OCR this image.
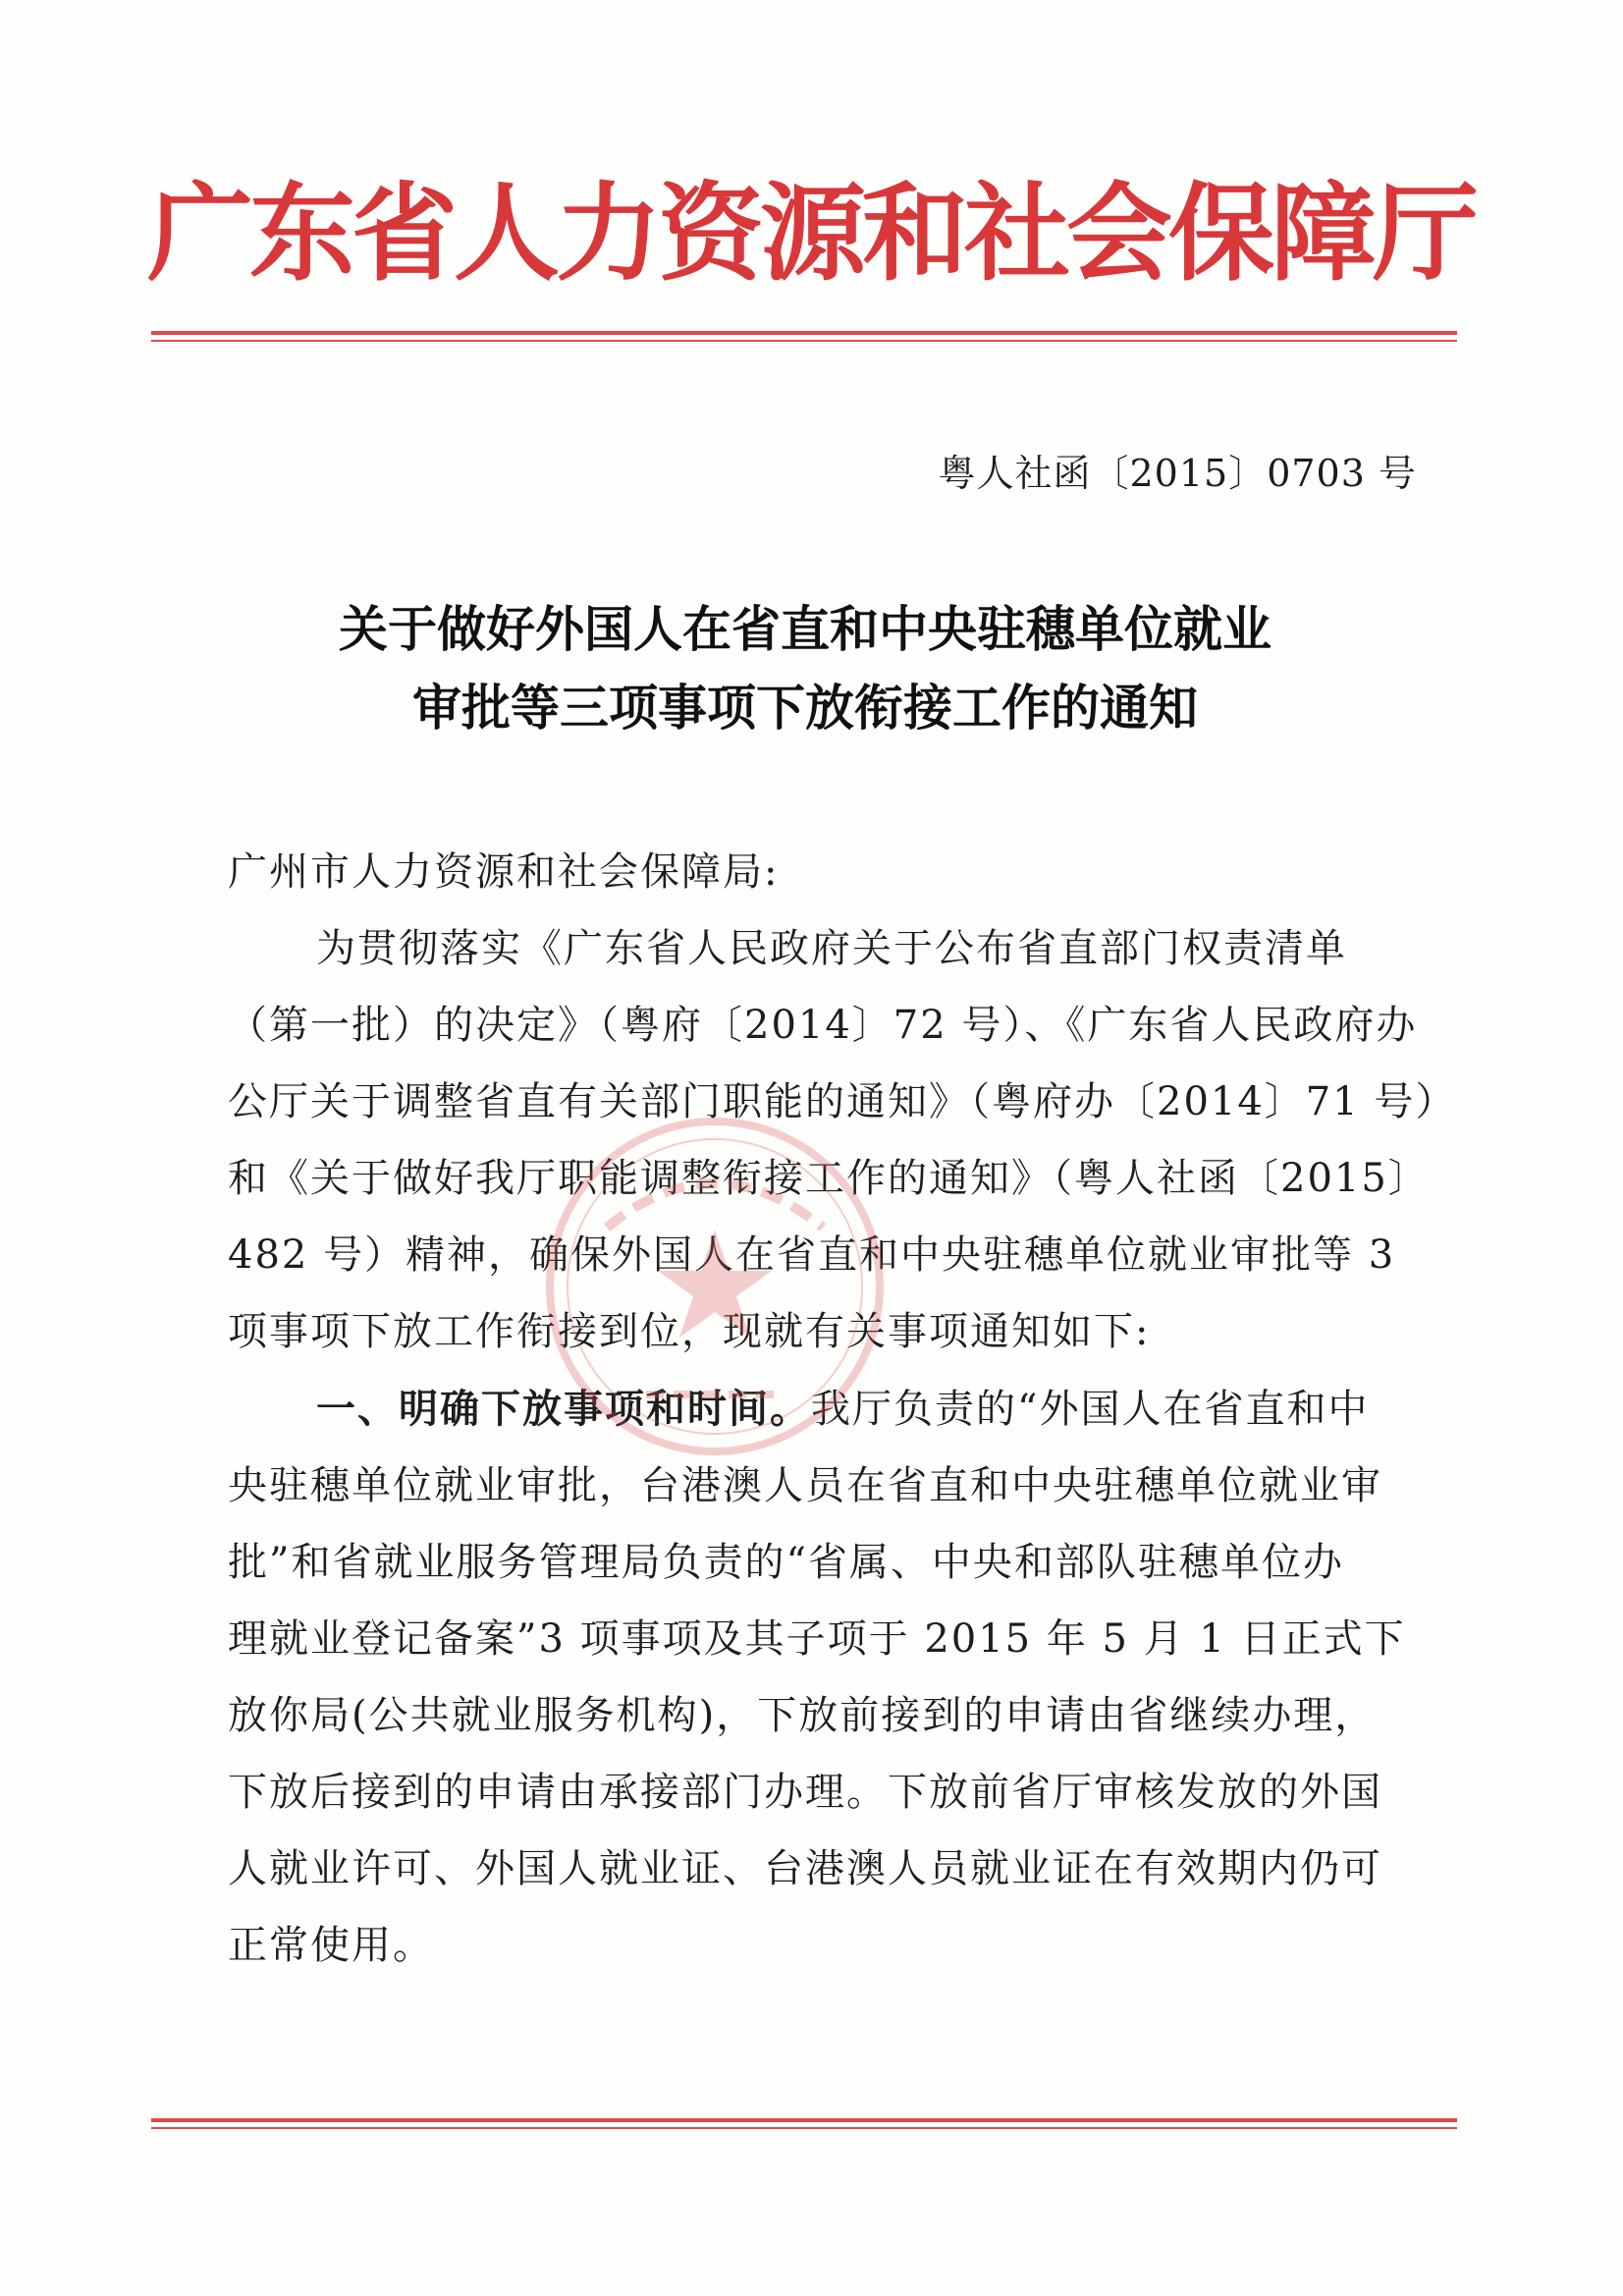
广东省人力资源和社会保障厅
粤人社函〔2015〕0703 号
关于做好外国人在省直和中央驻穗单位就业
审批等三项事项下放衔接工作的通知
广州市人力资源和社会保障局:
为贯彻落实《广东省人民政府关于公布省直部门权责清单
（第一批）的决定》（粤府〔2014〕72 号）、《广东省人民政府办
公厅关于调整省直有关部门职能的通知》（粤府办〔2014〕71 号）
和《关于做好我厅职能调整衔接工作的通知》（粤人社函〔2015〕
482 号）精神，确保外国人在省直和中央驻穗单位就业审批等 3
项事项下放工作衔接到位，现就有关事项通知如下:
一、明确下放事项和时间。我厅负责的“外国人在省直和中
央驻穗单位就业审批，台港澳人员在省直和中央驻穗单位就业审
批”和省就业服务管理局负责的“省属、中央和部队驻穗单位办
理就业登记备案”3 项事项及其子项于 2015 年 5 月 1 日正式下
放你局(公共就业服务机构)，下放前接到的申请由省继续办理，
下放后接到的申请由承接部门办理。下放前省厅审核发放的外国
人就业许可、外国人就业证、台港澳人员就业证在有效期内仍可
正常使用。
